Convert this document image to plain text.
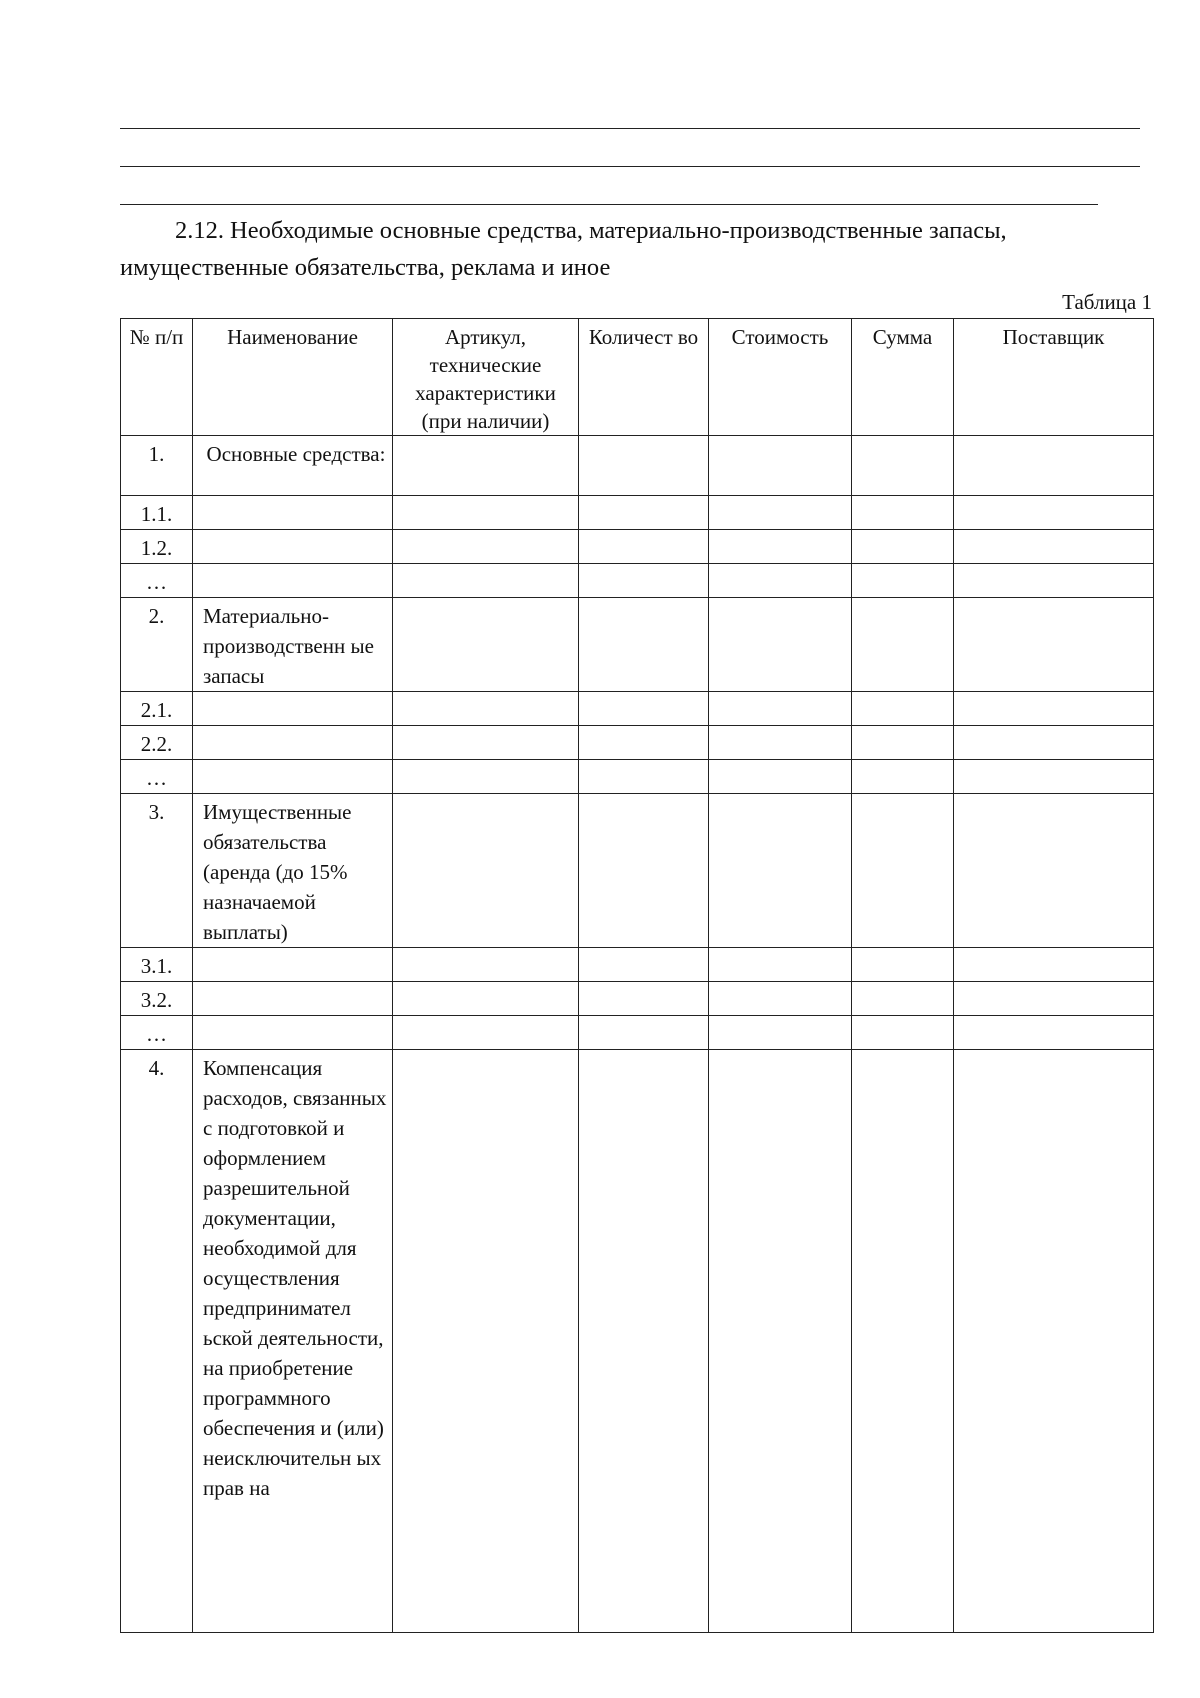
2.12. Необходимые основные средства, материально-производственные запасы, имущественные обязательства, реклама и иное

Таблица 1
№ п/п	Наименование	Артикул, технические характеристики (при наличии)	Количест во	Стоимость	Сумма	Поставщик
1.	Основные средства:					
1.1.						
1.2.						
…						
2.	Материально-производственн ые запасы					
2.1.						
2.2.						
…						
3.	Имущественные обязательства (аренда (до 15% назначаемой выплаты)					
3.1.						
3.2.						
…						
4.	Компенсация расходов, связанных с подготовкой и оформлением разрешительной документации, необходимой для осуществления предпринимател ьской деятельности, на приобретение программного обеспечения и (или) неисключительн ых прав на					
